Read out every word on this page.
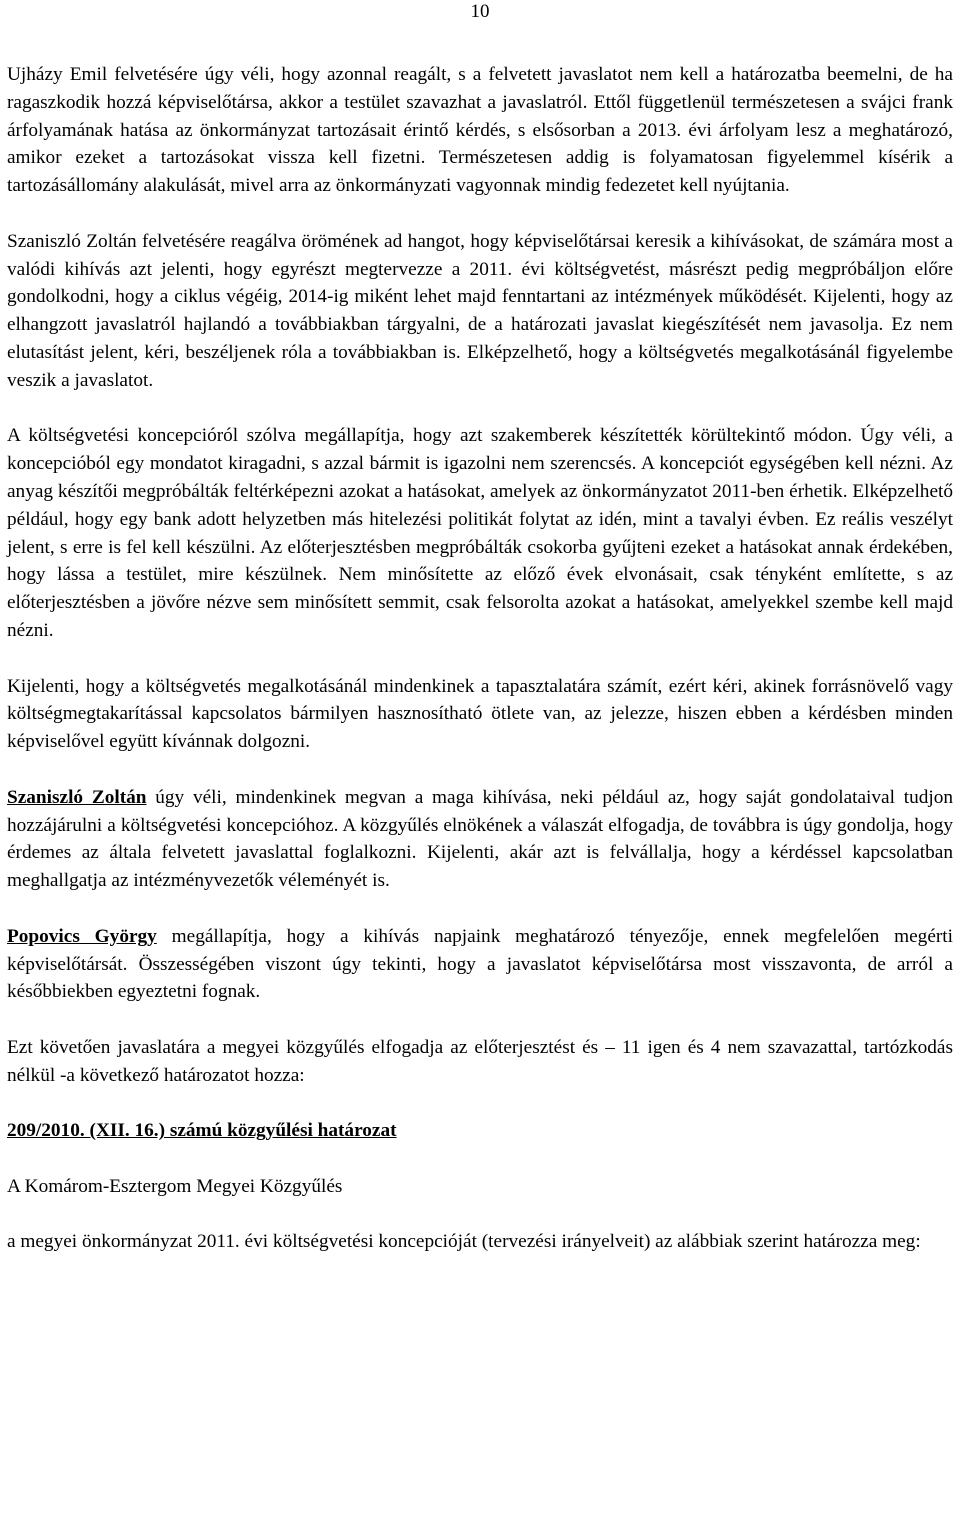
10

Ujházy Emil felvetésére úgy véli, hogy azonnal reagált, s a felvetett javaslatot nem kell a határozatba beemelni, de ha ragaszkodik hozzá képviselőtársa, akkor a testület szavazhat a javaslatról. Ettől függetlenül természetesen a svájci frank árfolyamának hatása az önkormányzat tartozásait érintő kérdés, s elsősorban a 2013. évi árfolyam lesz a meghatározó, amikor ezeket a tartozásokat vissza kell fizetni. Természetesen addig is folyamatosan figyelemmel kísérik a tartozásállomány alakulását, mivel arra az önkormányzati vagyonnak mindig fedezetet kell nyújtania.

Szaniszló Zoltán felvetésére reagálva örömének ad hangot, hogy képviselőtársai keresik a kihívásokat, de számára most a valódi kihívás azt jelenti, hogy egyrészt megtervezze a 2011. évi költségvetést, másrészt pedig megpróbáljon előre gondolkodni, hogy a ciklus végéig, 2014-ig miként lehet majd fenntartani az intézmények működését. Kijelenti, hogy az elhangzott javaslatról hajlandó a továbbiakban tárgyalni, de a határozati javaslat kiegészítését nem javasolja. Ez nem elutasítást jelent, kéri, beszéljenek róla a továbbiakban is. Elképzelhető, hogy a költségvetés megalkotásánál figyelembe veszik a javaslatot.

A költségvetési koncepcióról szólva megállapítja, hogy azt szakemberek készítették körültekintő módon. Úgy véli, a koncepcióból egy mondatot kiragadni, s azzal bármit is igazolni nem szerencsés. A koncepciót egységében kell nézni. Az anyag készítői megpróbálták feltérképezni azokat a hatásokat, amelyek az önkormányzatot 2011-ben érhetik. Elképzelhető például, hogy egy bank adott helyzetben más hitelezési politikát folytat az idén, mint a tavalyi évben. Ez reális veszélyt jelent, s erre is fel kell készülni. Az előterjesztésben megpróbálták csokorba gyűjteni ezeket a hatásokat annak érdekében, hogy lássa a testület, mire készülnek. Nem minősítette az előző évek elvonásait, csak tényként említette, s az előterjesztésben a jövőre nézve sem minősített semmit, csak felsorolta azokat a hatásokat, amelyekkel szembe kell majd nézni.

Kijelenti, hogy a költségvetés megalkotásánál mindenkinek a tapasztalatára számít, ezért kéri, akinek forrásnövelő vagy költségmegtakarítással kapcsolatos bármilyen hasznosítható ötlete van, az jelezze, hiszen ebben a kérdésben minden képviselővel együtt kívánnak dolgozni.

Szaniszló Zoltán úgy véli, mindenkinek megvan a maga kihívása, neki például az, hogy saját gondolataival tudjon hozzájárulni a költségvetési koncepcióhoz. A közgyűlés elnökének a válaszát elfogadja, de továbbra is úgy gondolja, hogy érdemes az általa felvetett javaslattal foglalkozni. Kijelenti, akár azt is felvállalja, hogy a kérdéssel kapcsolatban meghallgatja az intézményvezetők véleményét is.

Popovics György megállapítja, hogy a kihívás napjaink meghatározó tényezője, ennek megfelelően megérti képviselőtársát. Összességében viszont úgy tekinti, hogy a javaslatot képviselőtársa most visszavonta, de arról a későbbiekben egyeztetni fognak.

Ezt követően javaslatára a megyei közgyűlés elfogadja az előterjesztést és – 11 igen és 4 nem szavazattal, tartózkodás nélkül -a következő határozatot hozza:

209/2010. (XII. 16.) számú közgyűlési határozat

A Komárom-Esztergom Megyei Közgyűlés

a megyei önkormányzat 2011. évi költségvetési koncepcióját (tervezési irányelveit) az alábbiak szerint határozza meg:
